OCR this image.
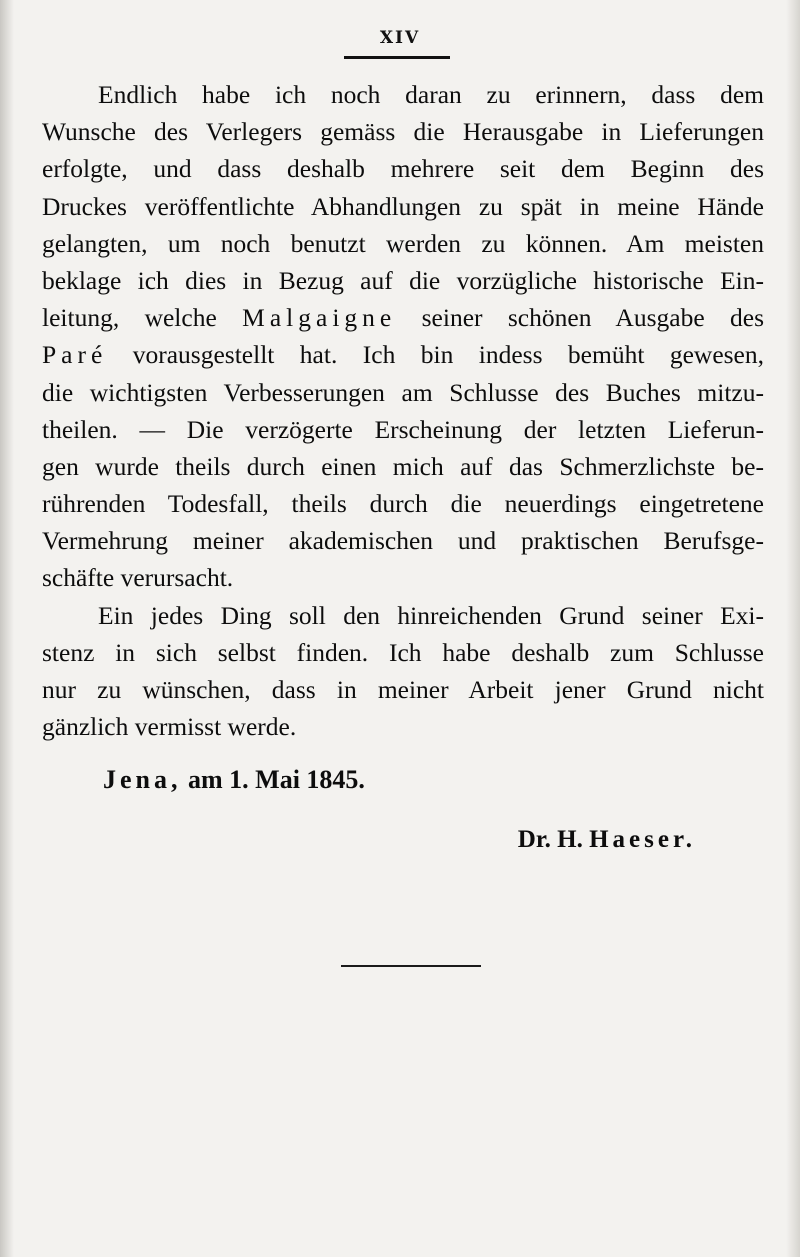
XIV
Endlich habe ich noch daran zu erinnern, dass dem
Wunsche des Verlegers gemäss die Herausgabe in Lieferungen
erfolgte, und dass deshalb mehrere seit dem Beginn des
Druckes veröffentlichte Abhandlungen zu spät in meine Hände
gelangten, um noch benutzt werden zu können. Am meisten
beklage ich dies in Bezug auf die vorzügliche historische Ein-
leitung, welche Malgaigne seiner schönen Ausgabe des
Paré vorausgestellt hat. Ich bin indess bemüht gewesen,
die wichtigsten Verbesserungen am Schlusse des Buches mitzu-
theilen. — Die verzögerte Erscheinung der letzten Lieferun-
gen wurde theils durch einen mich auf das Schmerzlichste be-
rührenden Todesfall, theils durch die neuerdings eingetretene
Vermehrung meiner akademischen und praktischen Berufsge-
schäfte verursacht.
Ein jedes Ding soll den hinreichenden Grund seiner Exi-
stenz in sich selbst finden. Ich habe deshalb zum Schlusse
nur zu wünschen, dass in meiner Arbeit jener Grund nicht
gänzlich vermisst werde.
Jena, am 1. Mai 1845.
Dr. H. Haeser.
